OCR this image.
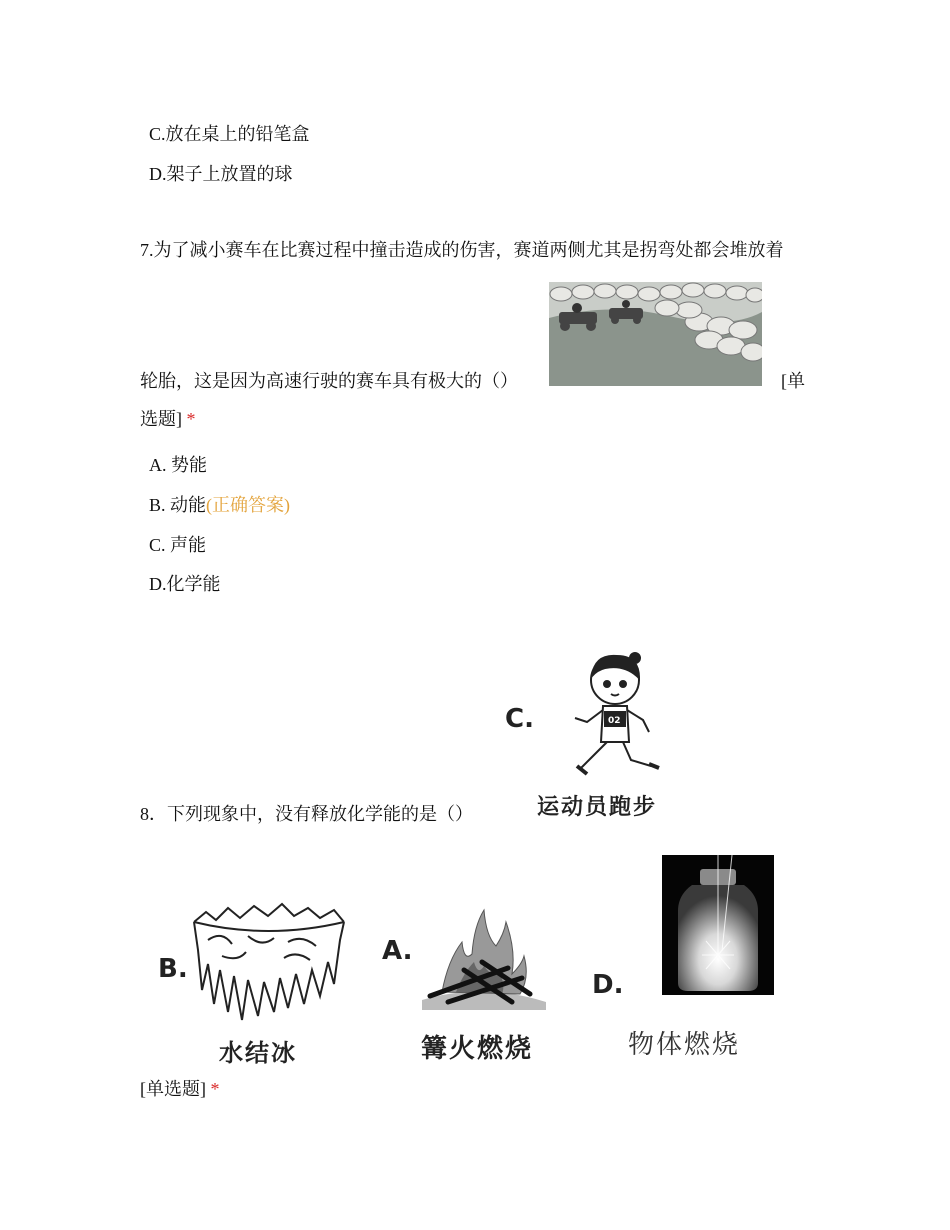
C.放在桌上的铅笔盒
D.架子上放置的球
7.为了减小赛车在比赛过程中撞击造成的伤害，赛道两侧尤其是拐弯处都会堆放着
轮胎，这是因为高速行驶的赛车具有极大的（）	[单
选题] *
A. 势能
B. 动能(正确答案)
C. 声能
D.化学能
8．下列现象中，没有释放化学能的是（）
C.	02
运动员跑步
B.
水结冰
A.
篝火燃烧
D.
物体燃烧
[单选题] *
